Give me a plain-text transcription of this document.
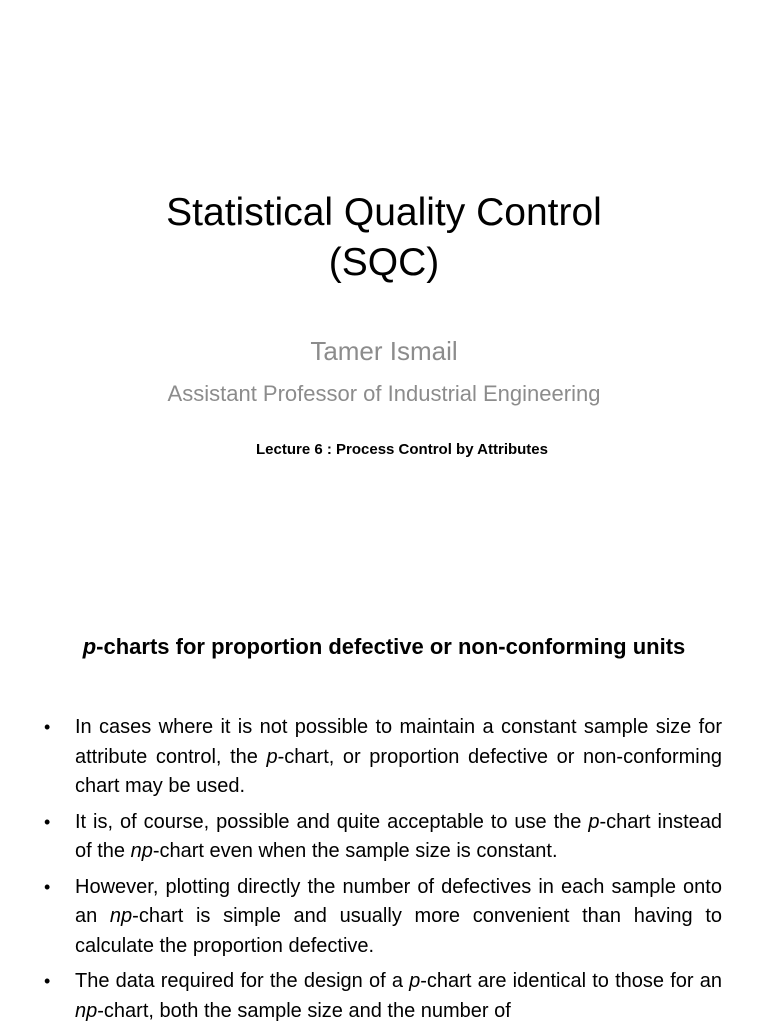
Statistical Quality Control
(SQC)
Tamer Ismail
Assistant Professor of Industrial Engineering
Lecture 6 : Process Control by Attributes
p-charts for proportion defective or non-conforming units
• In cases where it is not possible to maintain a constant sample size for attribute control, the p-chart, or proportion defective or non-conforming chart may be used.
• It is, of course, possible and quite acceptable to use the p-chart instead of the np-chart even when the sample size is constant.
• However, plotting directly the number of defectives in each sample onto an np-chart is simple and usually more convenient than having to calculate the proportion defective.
• The data required for the design of a p-chart are identical to those for an np-chart, both the sample size and the number of
